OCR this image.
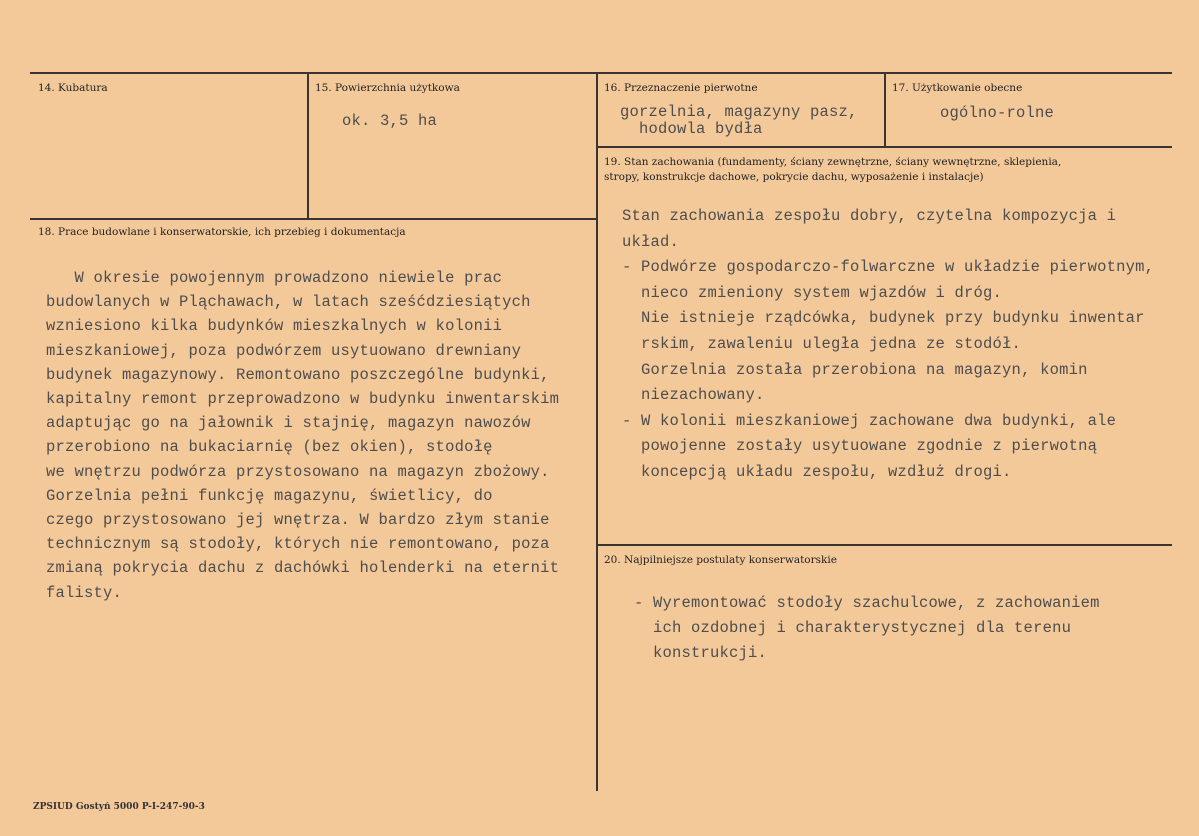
14. Kubatura	15. Powierzchnia użytkowa
ok. 3,5 ha
16. Przeznaczenie pierwotne
gorzelnia, magazyny pasz,
hodowla bydła
17. Użytkowanie obecne
ogólno-rolne
18. Prace budowlane i konserwatorskie, ich przebieg i dokumentacja
W okresie powojennym prowadzono niewiele prac
budowlanych w Pląchawach, w latach sześćdziesiątych
wzniesiono kilka budynków mieszkalnych w kolonii
mieszkaniowej, poza podwórzem usytuowano drewniany
budynek magazynowy. Remontowano poszczególne budynki,
kapitalny remont przeprowadzono w budynku inwentarskim
adaptując go na jałownik i stajnię, magazyn nawozów
przerobiono na bukaciarnię (bez okien), stodołę
we wnętrzu podwórza przystosowano na magazyn zbożowy.
Gorzelnia pełni funkcję magazynu, świetlicy, do
czego przystosowano jej wnętrza. W bardzo złym stanie
technicznym są stodoły, których nie remontowano, poza
zmianą pokrycia dachu z dachówki holenderki na eternit
falisty.
19. Stan zachowania (fundamenty, ściany zewnętrzne, ściany wewnętrzne, sklepienia,
stropy, konstrukcje dachowe, pokrycie dachu, wyposażenie i instalacje)
Stan zachowania zespołu dobry, czytelna kompozycja i
układ.
- Podwórze gospodarczo-folwarczne w układzie pierwotnym,
nieco zmieniony system wjazdów i dróg.
Nie istnieje rządcówka, budynek przy budynku inwentar
rskim, zawaleniu uległa jedna ze stodół.
Gorzelnia została przerobiona na magazyn, komin
niezachowany.
- W kolonii mieszkaniowej zachowane dwa budynki, ale
powojenne zostały usytuowane zgodnie z pierwotną
koncepcją układu zespołu, wzdłuż drogi.
20. Najpilniejsze postulaty konserwatorskie
- Wyremontować stodoły szachulcowe, z zachowaniem
ich ozdobnej i charakterystycznej dla terenu
konstrukcji.
ZPSIUD Gostyń 5000 P-I-247-90-3
